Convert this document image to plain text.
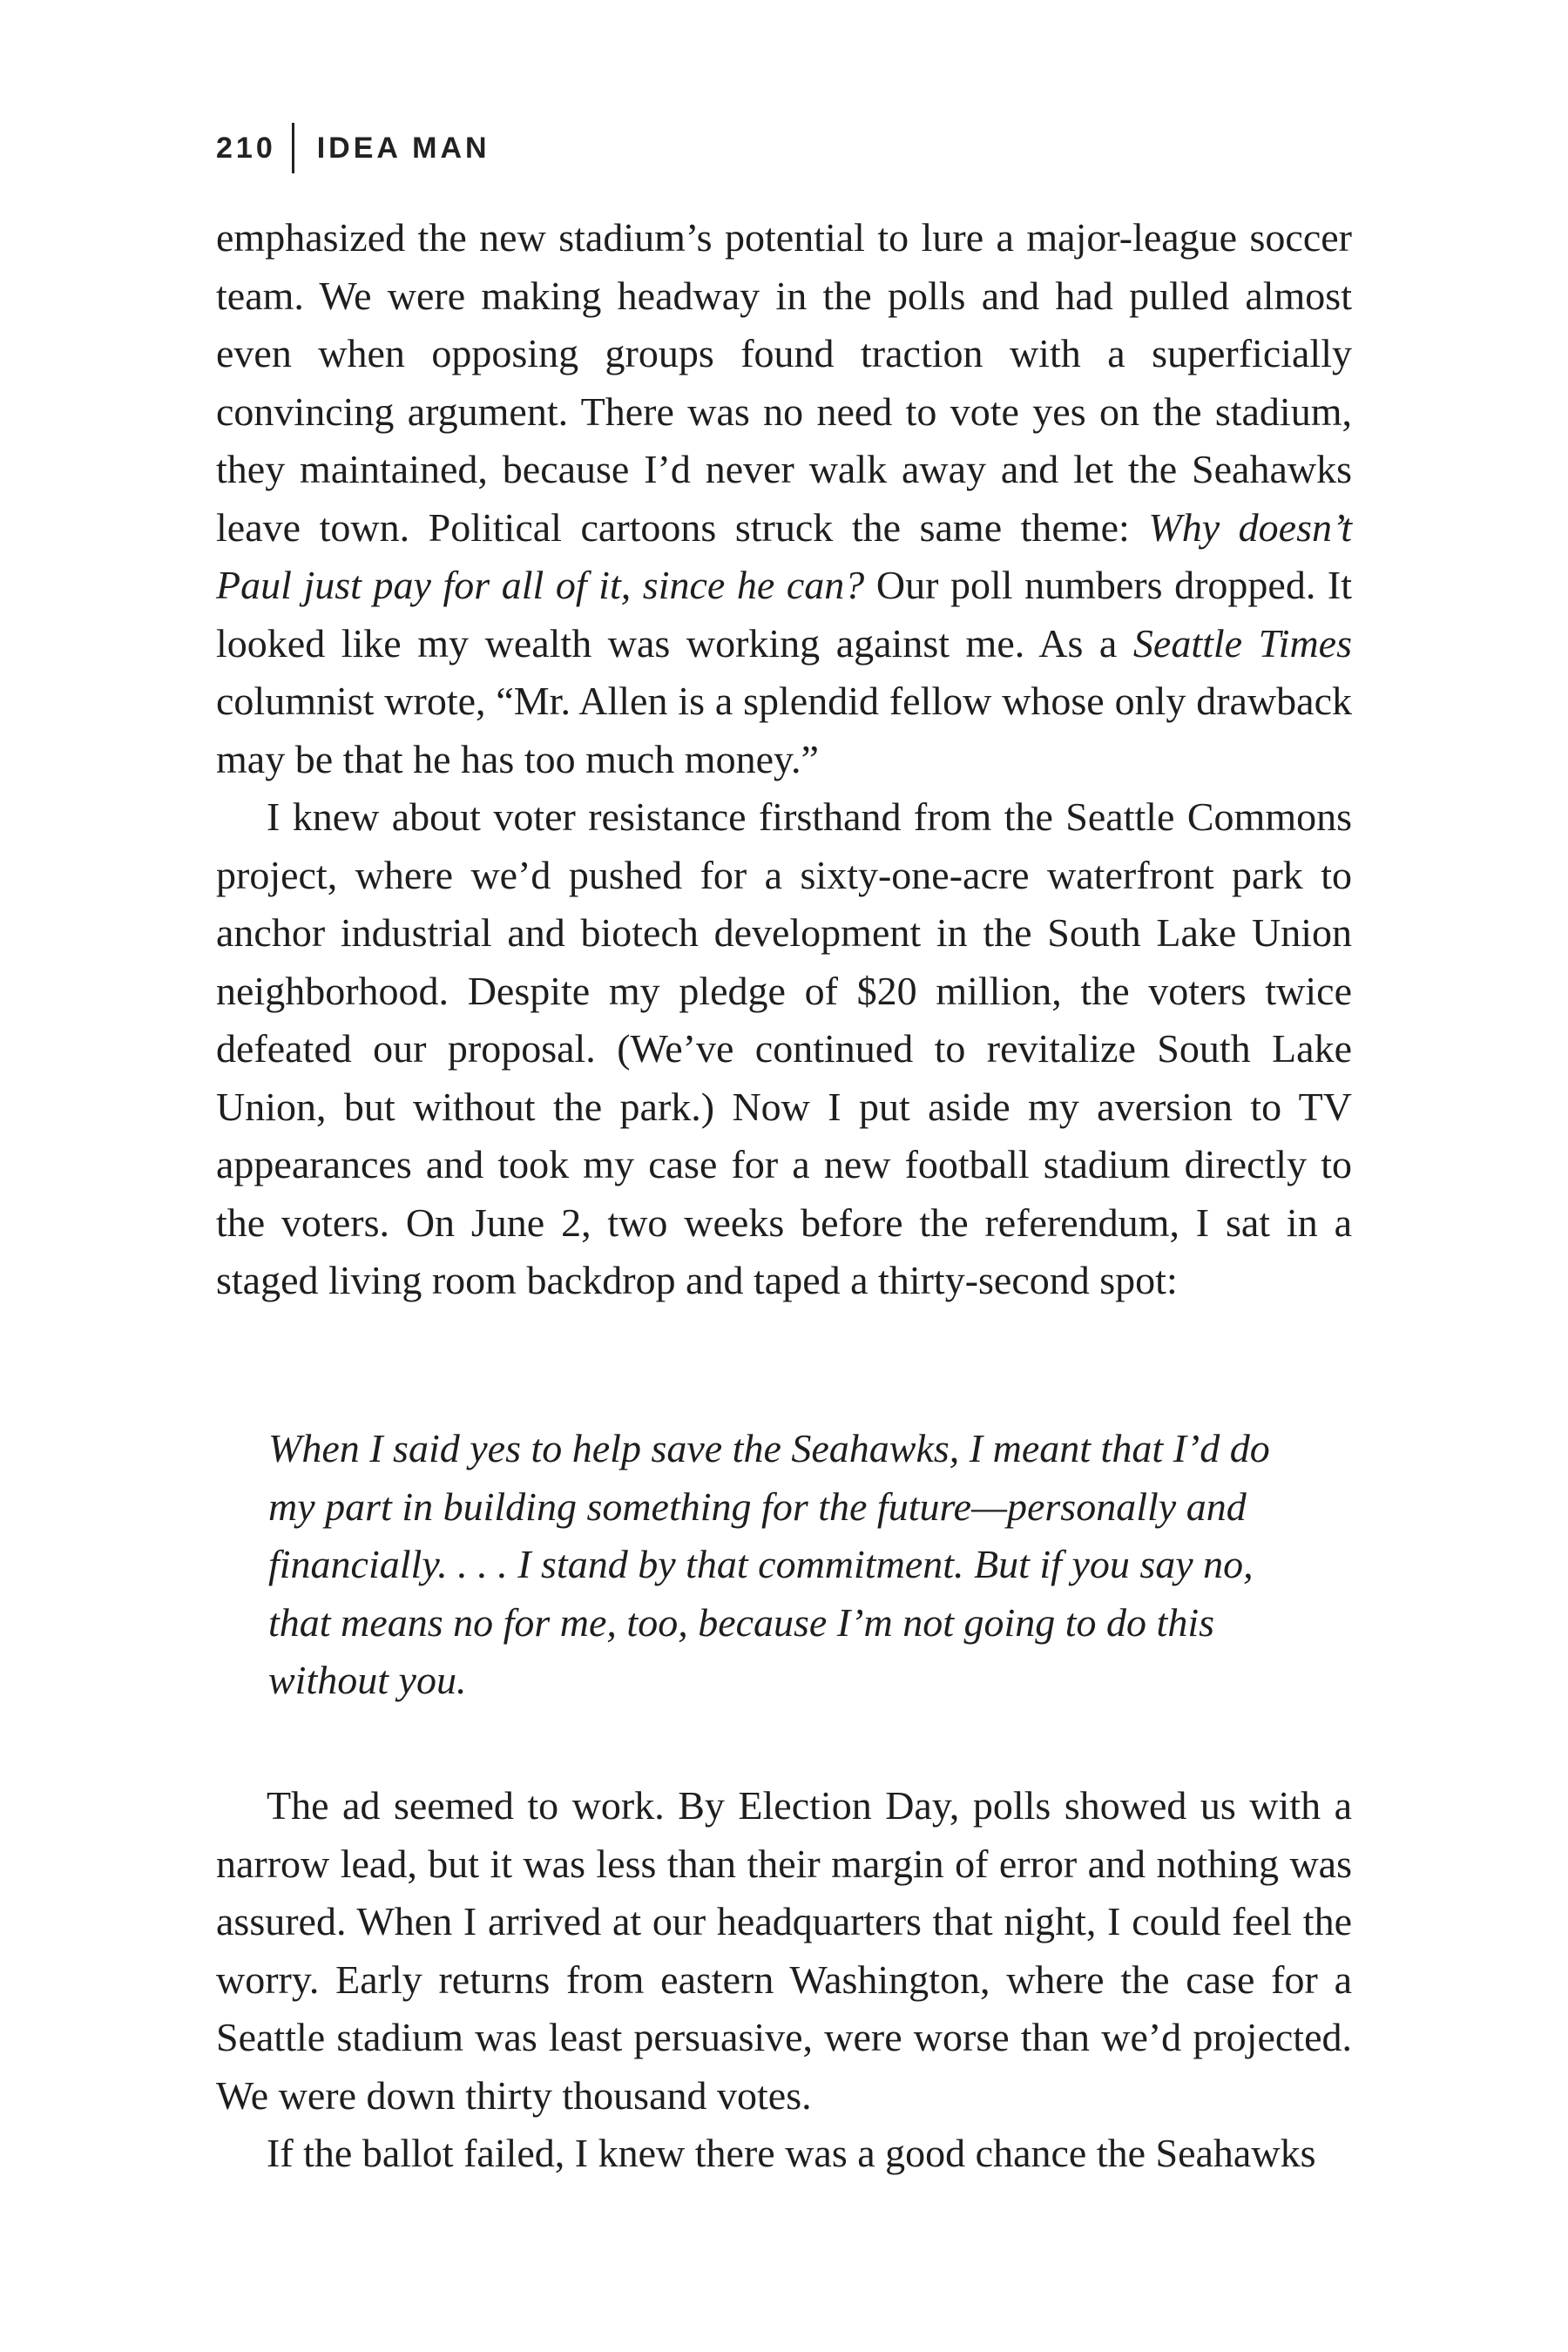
210 IDEA MAN

emphasized the new stadium’s potential to lure a major-league soccer team. We were making headway in the polls and had pulled almost even when opposing groups found traction with a superficially convincing argument. There was no need to vote yes on the stadium, they maintained, because I’d never walk away and let the Seahawks leave town. Political cartoons struck the same theme: Why doesn’t Paul just pay for all of it, since he can? Our poll numbers dropped. It looked like my wealth was working against me. As a Seattle Times columnist wrote, “Mr. Allen is a splendid fellow whose only drawback may be that he has too much money.”

I knew about voter resistance firsthand from the Seattle Commons project, where we’d pushed for a sixty-one-acre waterfront park to anchor industrial and biotech development in the South Lake Union neighborhood. Despite my pledge of $20 million, the voters twice defeated our proposal. (We’ve continued to revitalize South Lake Union, but without the park.) Now I put aside my aversion to TV appearances and took my case for a new football stadium directly to the voters. On June 2, two weeks before the referendum, I sat in a staged living room backdrop and taped a thirty-second spot:

When I said yes to help save the Seahawks, I meant that I’d do my part in building something for the future—personally and financially. . . . I stand by that commitment. But if you say no, that means no for me, too, because I’m not going to do this without you.

The ad seemed to work. By Election Day, polls showed us with a narrow lead, but it was less than their margin of error and nothing was assured. When I arrived at our headquarters that night, I could feel the worry. Early returns from eastern Washington, where the case for a Seattle stadium was least persuasive, were worse than we’d projected. We were down thirty thousand votes.

If the ballot failed, I knew there was a good chance the Seahawks
